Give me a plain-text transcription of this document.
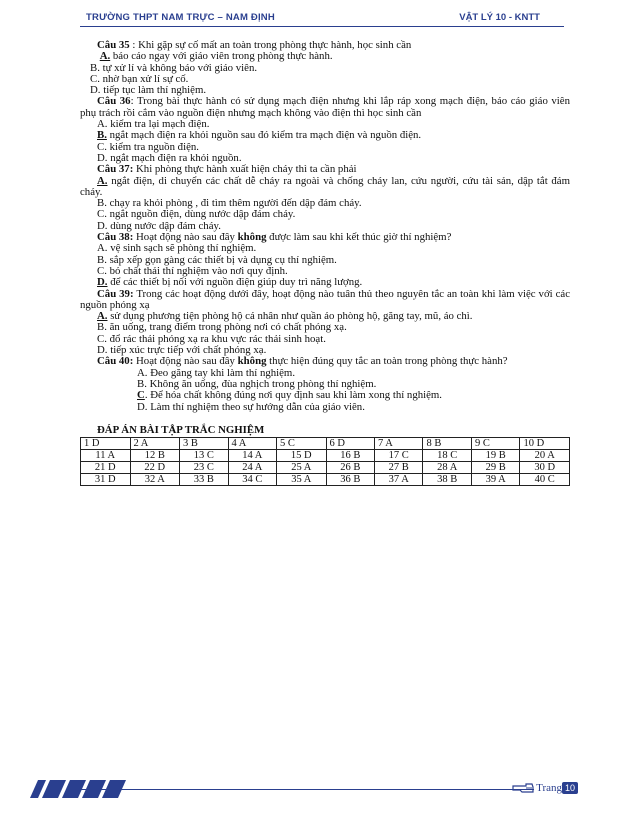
TRƯỜNG THPT NAM TRỰC – NAM ĐỊNH	VẬT LÝ 10 - KNTT
Câu 35 : Khi gặp sự cố mất an toàn trong phòng thực hành, học sinh cần
A. báo cáo ngay với giáo viên trong phòng thực hành.
B. tự xử lí và không báo với giáo viên.
C. nhờ bạn xử lí sự cố.
D. tiếp tục làm thí nghiệm.
Câu 36: Trong bài thực hành có sử dụng mạch điện nhưng khi lắp ráp xong mạch điện, báo cáo giáo viên phụ trách rồi cắm vào nguồn điện nhưng mạch không vào điện thì học sinh cần
A. kiểm tra lại mạch điện.
B. ngắt mạch điện ra khỏi nguồn sau đó kiểm tra mạch điện và nguồn điện.
C. kiểm tra nguồn điện.
D. ngắt mạch điện ra khỏi nguồn.
Câu 37: Khi phòng thực hành xuất hiện cháy thì ta cần phải
A. ngắt điện, di chuyển các chất dễ cháy ra ngoài và chống cháy lan, cứu người, cứu tài sản, dập tắt đám cháy.
B. chạy ra khỏi phòng , đi tìm thêm người đến dập đám cháy.
C. ngắt nguồn điện, dùng nước dập đám cháy.
D. dùng nước dập đám cháy.
Câu 38: Hoạt động nào sau đây không được làm sau khi kết thúc giờ thí nghiệm?
A. vệ sinh sạch sẽ phòng thí nghiệm.
B. sắp xếp gọn gàng các thiết bị và dụng cụ thí nghiệm.
C. bỏ chất thải thí nghiệm vào nơi quy định.
D. để các thiết bị nối với nguồn điện giúp duy trì năng lượng.
Câu 39: Trong các hoạt động dưới đây, hoạt động nào tuân thủ theo nguyên tắc an toàn khi làm việc với các nguồn phóng xạ
A. sử dụng phương tiện phòng hộ cá nhân như quần áo phòng hộ, găng tay, mũ, áo chì.
B. ăn uống, trang điểm trong phòng nơi có chất phóng xạ.
C. đổ rác thải phóng xạ ra khu vực rác thải sinh hoạt.
D. tiếp xúc trực tiếp với chất phóng xạ.
Câu 40: Hoạt động nào sau đây không thực hiện đúng quy tắc an toàn trong phòng thực hành?
A. Đeo găng tay khi làm thí nghiệm.
B. Không ăn uống, đùa nghịch trong phòng thí nghiệm.
C. Để hóa chất không đúng nơi quy định sau khi làm xong thí nghiệm.
D. Làm thí nghiệm theo sự hướng dẫn của giáo viên.
ĐÁP ÁN BÀI TẬP TRẮC NGHIỆM
1 D	2 A	3 B	4 A	5 C	6 D	7 A	8 B	9 C	10 D
11 A	12 B	13 C	14 A	15 D	16 B	17 C	18 C	19 B	20 A
21 D	22 D	23 C	24 A	25 A	26 B	27 B	28 A	29 B	30 D
31 D	32 A	33 B	34 C	35 A	36 B	37 A	38 B	39 A	40 C
Trang 10
